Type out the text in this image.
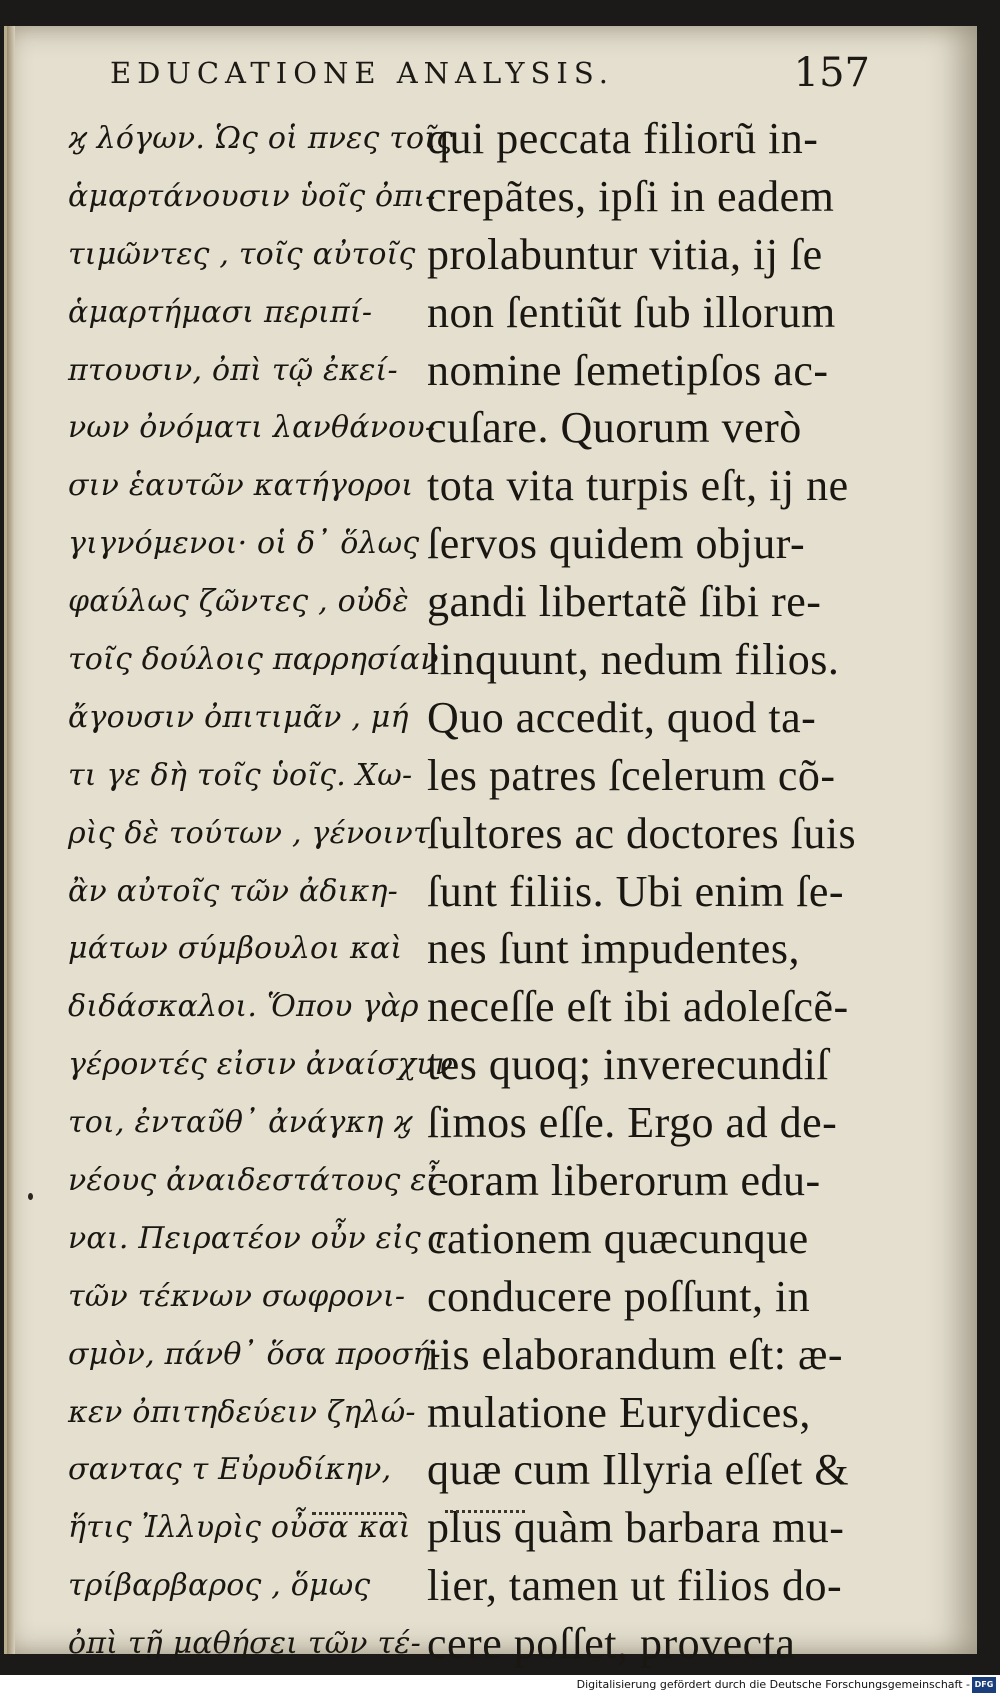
EDUCATIONE ANALYSIS.	157
ϗ λόγων. Ὡς οἱ πνες τοῖς
ἁμαρτάνουσιν ὑοῖς ὀπι-
τιμῶντες , τοῖς αὐτοῖς
ἁμαρτήμασι περιπί-
πτουσιν, ὀπὶ τῷ ἐκεί-
νων ὀνόματι λανθάνου-
σιν ἑαυτῶν κατήγοροι
γιγνόμενοι· οἱ δ᾽ ὅλως
φαύλως ζῶντες , οὐδὲ
τοῖς δούλοις παρρησίαν
ἄγουσιν ὀπιτιμᾶν , μή
τι γε δὴ τοῖς ὑοῖς. Χω-
ρὶς δὲ τούτων , γένοιντ
ἂν αὐτοῖς τῶν ἀδικη-
μάτων σύμβουλοι καὶ
διδάσκαλοι. Ὅπου γὰρ
γέροντές εἰσιν ἀναίσχυν
τοι, ἐνταῦθ᾽ ἀνάγκη ϗ
νέους ἀναιδεστάτους εἶ-
ναι. Πειρατέον οὖν εἰς τ
τῶν τέκνων σωφρονι-
σμὸν, πάνθ᾽ ὅσα προσή-
κεν ὀπιτηδεύειν ζηλώ-
σαντας τ Εὐρυδίκην,
ἥτις Ἰλλυρὶς οὖσα καὶ
τρίβαρβαρος , ὅμως
ὀπὶ τῇ μαθήσει τῶν τέ-
qui peccata filiorũ in-
crepãtes, ipſi in eadem
prolabuntur vitia, ij ſe
non ſentiũt ſub illorum
nomine ſemetipſos ac-
cuſare. Quorum verò
tota vita turpis eſt, ij ne
ſervos quidem objur-
gandi libertatẽ ſibi re-
linquunt, nedum filios.
Quo accedit, quod ta-
les patres ſcelerum cõ-
ſultores ac doctores ſuis
ſunt filiis. Ubi enim ſe-
nes ſunt impudentes,
neceſſe eſt ibi adoleſcẽ-
tes quoq; inverecundiſ
ſimos eſſe. Ergo ad de-
coram liberorum edu-
cationem quæcunque
conducere poſſunt, in
iis elaborandum eſt: æ-
mulatione Eurydices,
quæ cum Illyria eſſet &
plus quàm barbara mu-
lier, tamen ut filios do-
cere poſſet, provecta
Digitalisierung gefördert durch die Deutsche Forschungsgemeinschaft - DFG
